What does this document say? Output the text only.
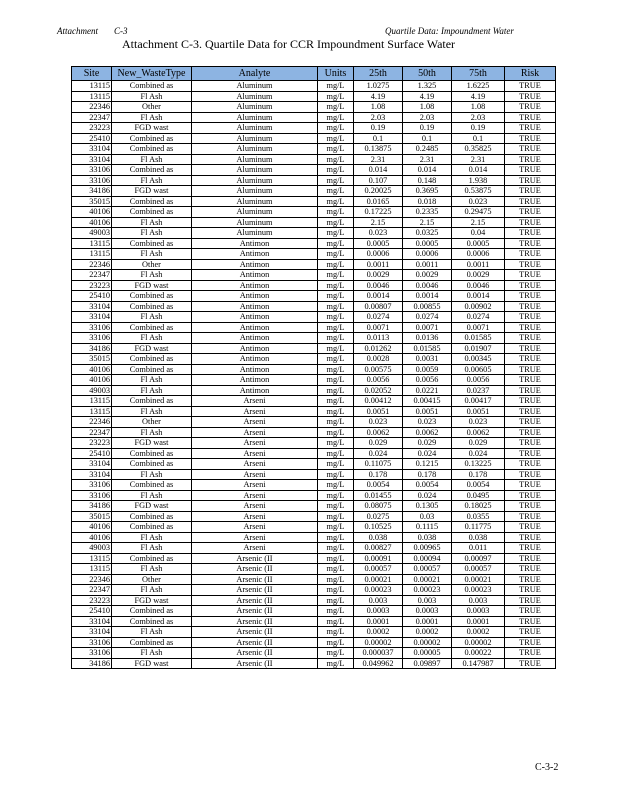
Attachment C-3	Quartile Data: Impoundment Water
Attachment C-3. Quartile Data for CCR Impoundment Surface Water
Site	New_WasteType	Analyte	Units	25th	50th	75th	Risk
13115	Combined as	Aluminum	mg/L	1.0275	1.325	1.6225	TRUE
13115	Fl Ash	Aluminum	mg/L	4.19	4.19	4.19	TRUE
22346	Other	Aluminum	mg/L	1.08	1.08	1.08	TRUE
22347	Fl Ash	Aluminum	mg/L	2.03	2.03	2.03	TRUE
23223	FGD wast	Aluminum	mg/L	0.19	0.19	0.19	TRUE
25410	Combined as	Aluminum	mg/L	0.1	0.1	0.1	TRUE
33104	Combined as	Aluminum	mg/L	0.13875	0.2485	0.35825	TRUE
33104	Fl Ash	Aluminum	mg/L	2.31	2.31	2.31	TRUE
33106	Combined as	Aluminum	mg/L	0.014	0.014	0.014	TRUE
33106	Fl Ash	Aluminum	mg/L	0.107	0.148	1.938	TRUE
34186	FGD wast	Aluminum	mg/L	0.20025	0.3695	0.53875	TRUE
35015	Combined as	Aluminum	mg/L	0.0165	0.018	0.023	TRUE
40106	Combined as	Aluminum	mg/L	0.17225	0.2335	0.29475	TRUE
40106	Fl Ash	Aluminum	mg/L	2.15	2.15	2.15	TRUE
49003	Fl Ash	Aluminum	mg/L	0.023	0.0325	0.04	TRUE
13115	Combined as	Antimon	mg/L	0.0005	0.0005	0.0005	TRUE
13115	Fl Ash	Antimon	mg/L	0.0006	0.0006	0.0006	TRUE
22346	Other	Antimon	mg/L	0.0011	0.0011	0.0011	TRUE
22347	Fl Ash	Antimon	mg/L	0.0029	0.0029	0.0029	TRUE
23223	FGD wast	Antimon	mg/L	0.0046	0.0046	0.0046	TRUE
25410	Combined as	Antimon	mg/L	0.0014	0.0014	0.0014	TRUE
33104	Combined as	Antimon	mg/L	0.00807	0.00855	0.00902	TRUE
33104	Fl Ash	Antimon	mg/L	0.0274	0.0274	0.0274	TRUE
33106	Combined as	Antimon	mg/L	0.0071	0.0071	0.0071	TRUE
33106	Fl Ash	Antimon	mg/L	0.0113	0.0136	0.01585	TRUE
34186	FGD wast	Antimon	mg/L	0.01262	0.01585	0.01907	TRUE
35015	Combined as	Antimon	mg/L	0.0028	0.0031	0.00345	TRUE
40106	Combined as	Antimon	mg/L	0.00575	0.0059	0.00605	TRUE
40106	Fl Ash	Antimon	mg/L	0.0056	0.0056	0.0056	TRUE
49003	Fl Ash	Antimon	mg/L	0.02052	0.0221	0.0237	TRUE
13115	Combined as	Arseni	mg/L	0.00412	0.00415	0.00417	TRUE
13115	Fl Ash	Arseni	mg/L	0.0051	0.0051	0.0051	TRUE
22346	Other	Arseni	mg/L	0.023	0.023	0.023	TRUE
22347	Fl Ash	Arseni	mg/L	0.0062	0.0062	0.0062	TRUE
23223	FGD wast	Arseni	mg/L	0.029	0.029	0.029	TRUE
25410	Combined as	Arseni	mg/L	0.024	0.024	0.024	TRUE
33104	Combined as	Arseni	mg/L	0.11075	0.1215	0.13225	TRUE
33104	Fl Ash	Arseni	mg/L	0.178	0.178	0.178	TRUE
33106	Combined as	Arseni	mg/L	0.0054	0.0054	0.0054	TRUE
33106	Fl Ash	Arseni	mg/L	0.01455	0.024	0.0495	TRUE
34186	FGD wast	Arseni	mg/L	0.08075	0.1305	0.18025	TRUE
35015	Combined as	Arseni	mg/L	0.0275	0.03	0.0355	TRUE
40106	Combined as	Arseni	mg/L	0.10525	0.1115	0.11775	TRUE
40106	Fl Ash	Arseni	mg/L	0.038	0.038	0.038	TRUE
49003	Fl Ash	Arseni	mg/L	0.00827	0.00965	0.011	TRUE
13115	Combined as	Arsenic (II	mg/L	0.00091	0.00094	0.00097	TRUE
13115	Fl Ash	Arsenic (II	mg/L	0.00057	0.00057	0.00057	TRUE
22346	Other	Arsenic (II	mg/L	0.00021	0.00021	0.00021	TRUE
22347	Fl Ash	Arsenic (II	mg/L	0.00023	0.00023	0.00023	TRUE
23223	FGD wast	Arsenic (II	mg/L	0.003	0.003	0.003	TRUE
25410	Combined as	Arsenic (II	mg/L	0.0003	0.0003	0.0003	TRUE
33104	Combined as	Arsenic (II	mg/L	0.0001	0.0001	0.0001	TRUE
33104	Fl Ash	Arsenic (II	mg/L	0.0002	0.0002	0.0002	TRUE
33106	Combined as	Arsenic (II	mg/L	0.00002	0.00002	0.00002	TRUE
33106	Fl Ash	Arsenic (II	mg/L	0.000037	0.00005	0.00022	TRUE
34186	FGD wast	Arsenic (II	mg/L	0.049962	0.09897	0.147987	TRUE
C-3-2
